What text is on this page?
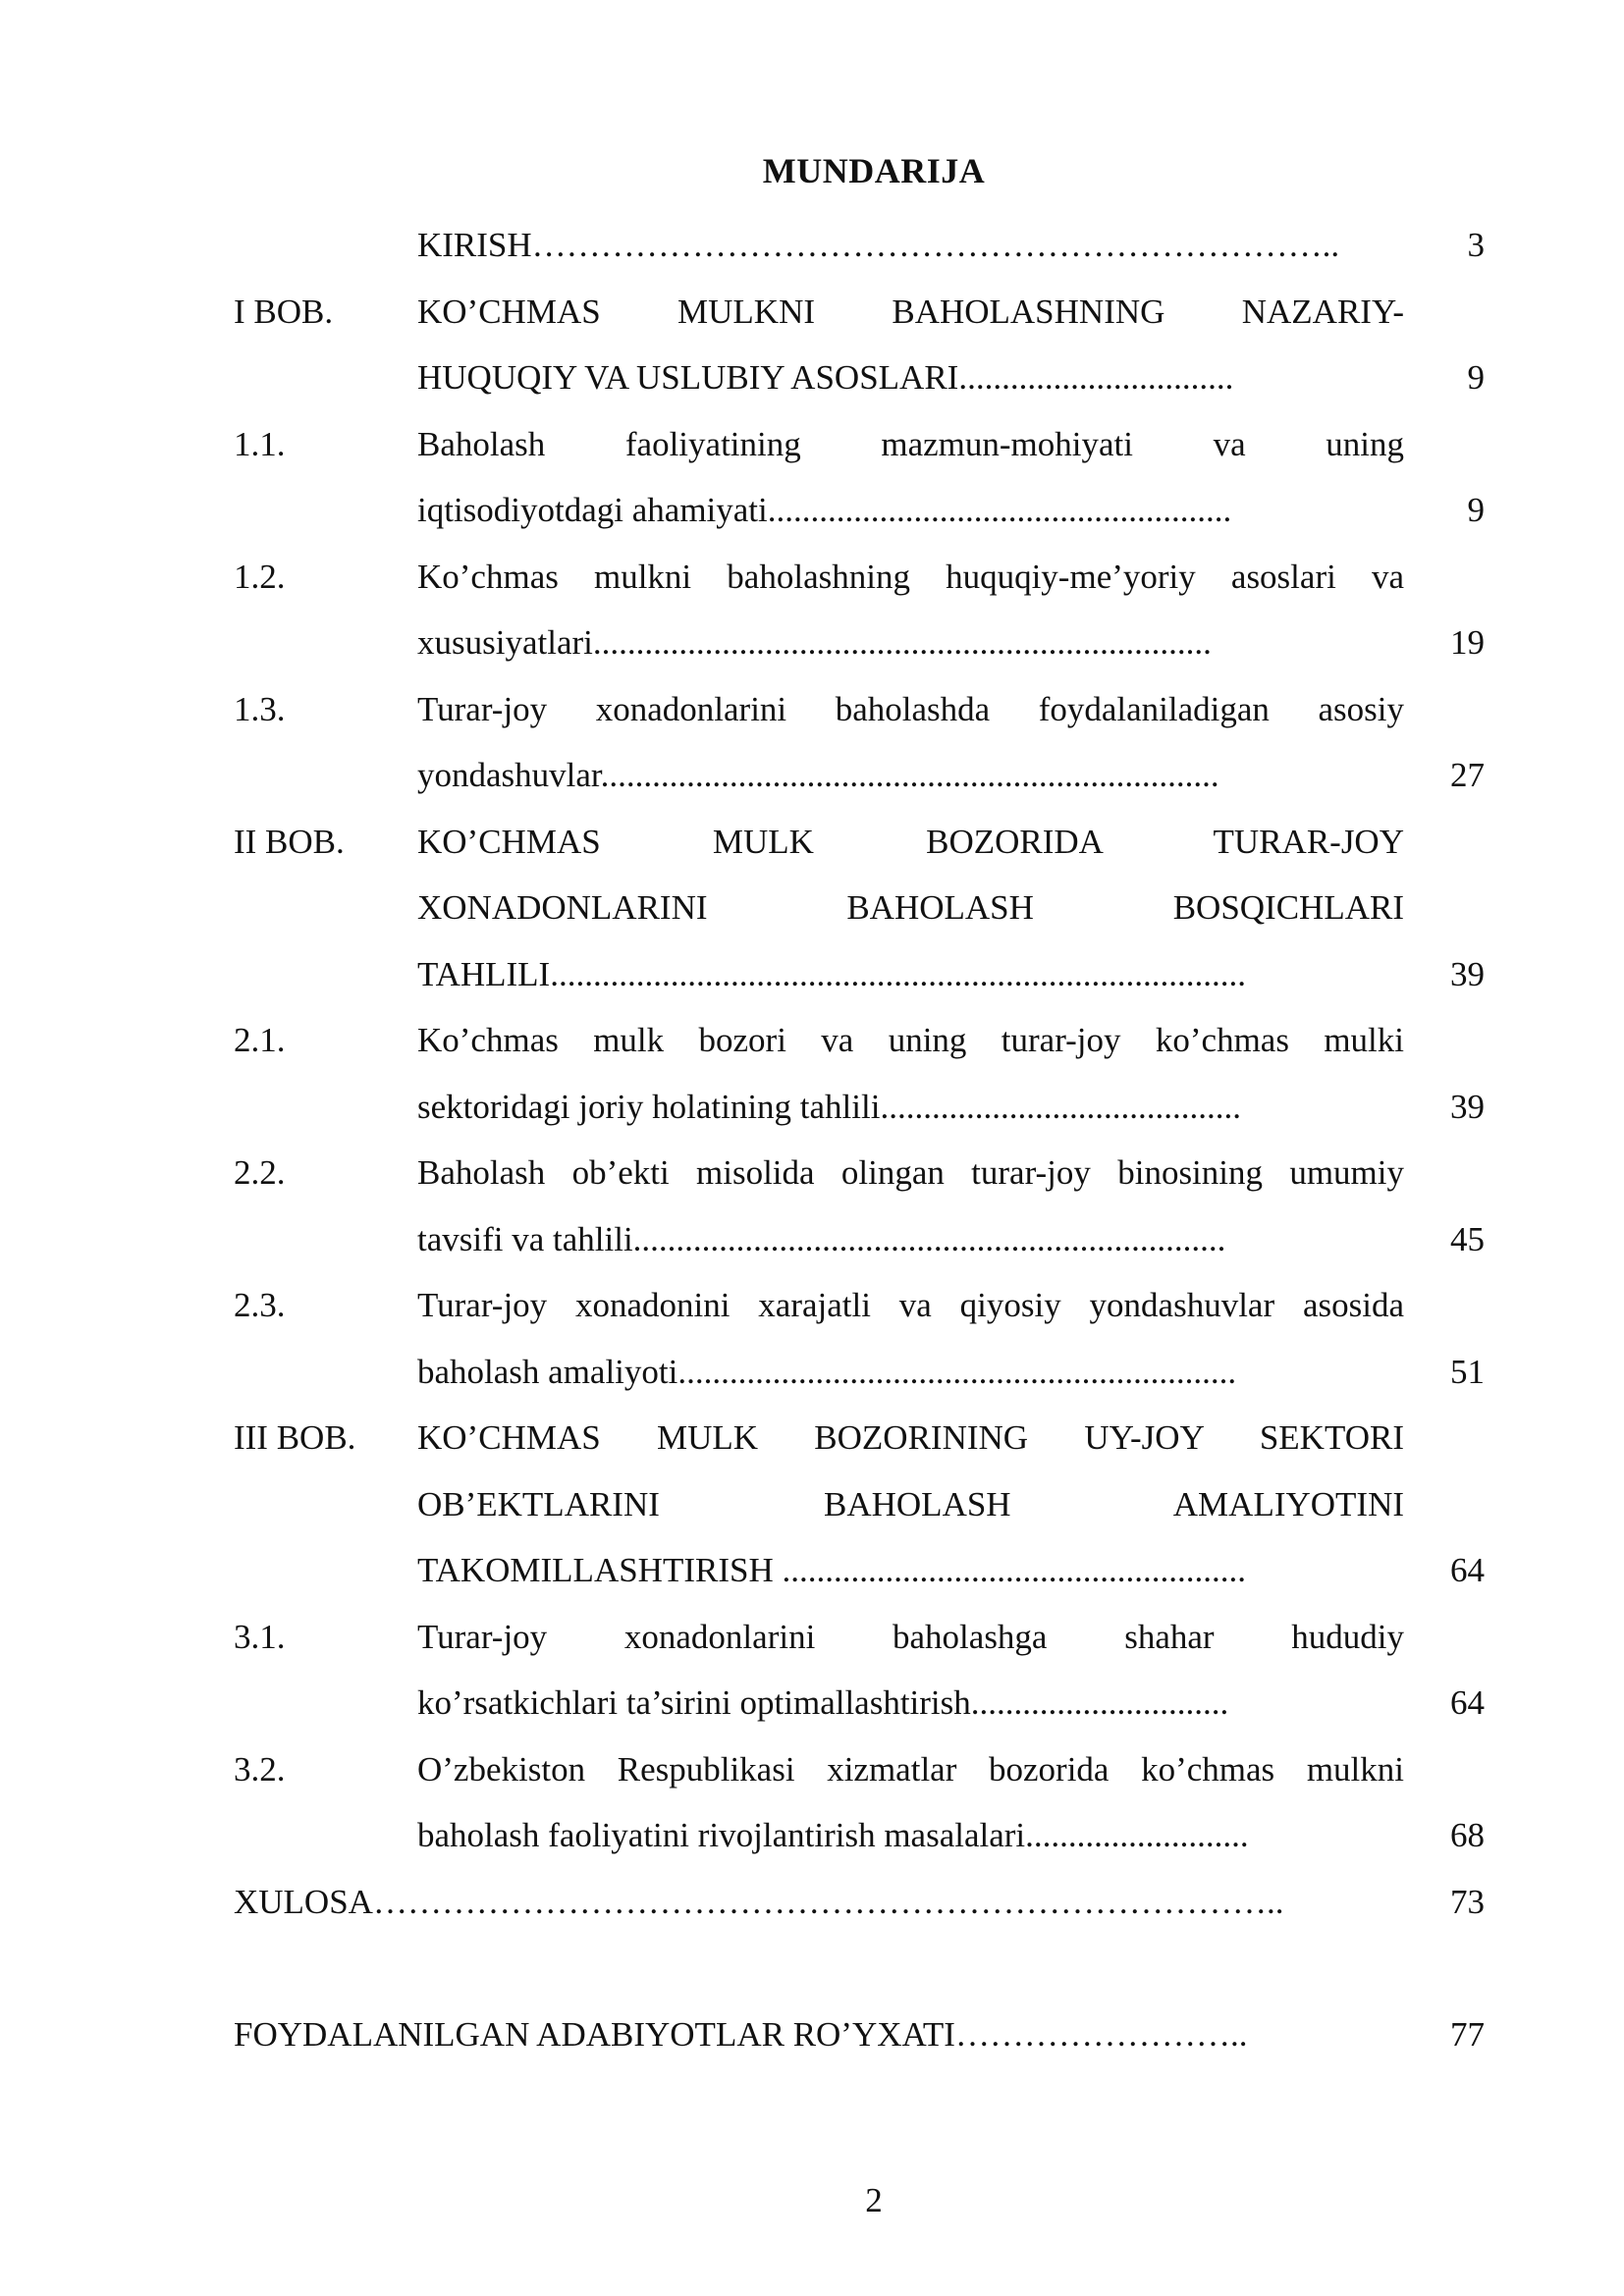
MUNDARIJA
KIRISH……………………………………………………………..	3
I BOB. KO’CHMAS MULKNI BAHOLASHNING NAZARIY-
HUQUQIY VA USLUBIY ASOSLARI................................	9
1.1.	Baholash faoliyatining mazmun-mohiyati va uning
iqtisodiyotdagi ahamiyati......................................................	9
1.2.	Ko’chmas mulkni baholashning huquqiy-me’yoriy asoslari va
xususiyatlari........................................................................	19
1.3.	Turar-joy xonadonlarini baholashda foydalaniladigan asosiy
yondashuvlar........................................................................	27
II BOB. KO’CHMAS MULK BOZORIDA TURAR-JOY
XONADONLARINI BAHOLASH BOSQICHLARI
TAHLILI.................................................................................	39
2.1.	Ko’chmas mulk bozori va uning turar-joy ko’chmas mulki
sektoridagi joriy holatining tahlili..........................................	39
2.2.	Baholash ob’ekti misolida olingan turar-joy binosining umumiy
tavsifi va tahlili.....................................................................	45
2.3.	Turar-joy xonadonini xarajatli va qiyosiy yondashuvlar asosida
baholash amaliyoti.................................................................	51
III BOB. KO’CHMAS MULK BOZORINING UY-JOY SEKTORI
OB’EKTLARINI BAHOLASH AMALIYOTINI
TAKOMILLASHTIRISH ......................................................	64
3.1.	Turar-joy xonadonlarini baholashga shahar hududiy
ko’rsatkichlari ta’sirini optimallashtirish..............................	64
3.2.	O’zbekiston Respublikasi xizmatlar bozorida ko’chmas mulkni
baholash faoliyatini rivojlantirish masalalari..........................	68
XULOSA……………………………………………………………………..	73
FOYDALANILGAN ADABIYOTLAR RO’YXATI……………………..	77
2
